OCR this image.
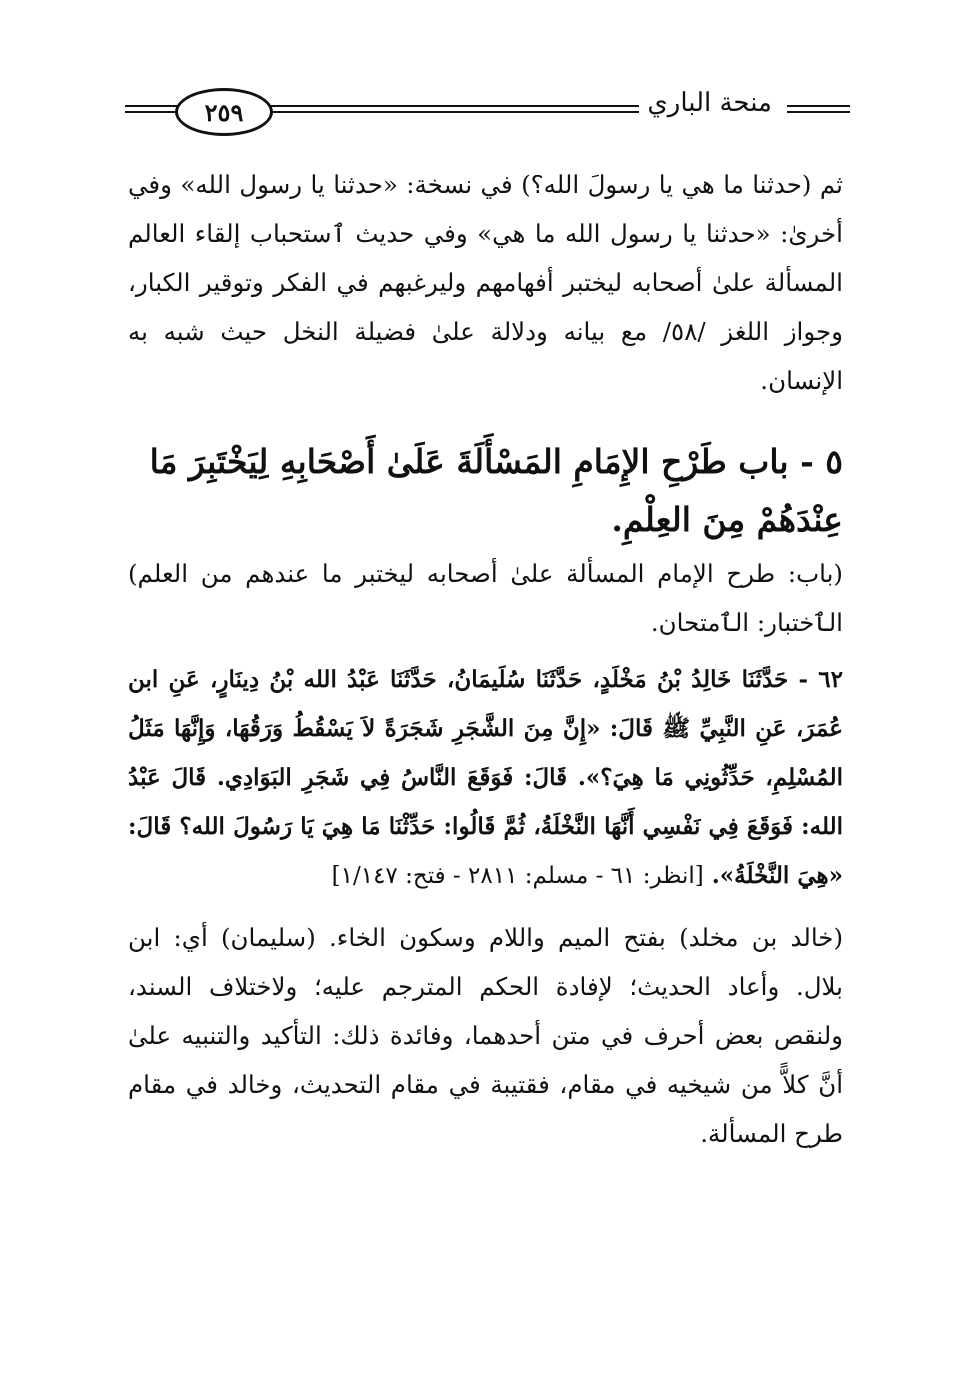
٢٥٩	منحة الباري

ثم (حدثنا ما هي يا رسولَ الله؟) في نسخة: «حدثنا يا رسول الله» وفي أخرىٰ: «حدثنا يا رسول الله ما هي» وفي حديث ٱستحباب إلقاء العالم المسألة علىٰ أصحابه ليختبر أفهامهم وليرغبهم في الفكر وتوقير الكبار، وجواز اللغز /٥٨/ مع بيانه ودلالة علىٰ فضيلة النخل حيث شبه به الإنسان.

٥ - باب طَرْحِ الإِمَامِ المَسْأَلَةَ عَلَىٰ أَصْحَابِهِ لِيَخْتَبِرَ مَا عِنْدَهُمْ مِنَ العِلْمِ.

(باب: طرح الإمام المسألة علىٰ أصحابه ليختبر ما عندهم من العلم) الٱختبار: الٱمتحان.

٦٢ - حَدَّثَنَا خَالِدُ بْنُ مَخْلَدٍ، حَدَّثَنَا سُلَيمَانُ، حَدَّثَنَا عَبْدُ الله بْنُ دِينَارٍ، عَنِ ابن عُمَرَ، عَنِ النَّبِيِّ ﷺ قَالَ: «إِنَّ مِنَ الشَّجَرِ شَجَرَةً لاَ يَسْقُطُ وَرَقُهَا، وَإِنَّهَا مَثَلُ المُسْلِمِ، حَدِّثُونِي مَا هِيَ؟». قَالَ: فَوَقَعَ النَّاسُ فِي شَجَرِ البَوَادِي. قَالَ عَبْدُ الله: فَوَقَعَ فِي نَفْسِي أَنَّهَا النَّخْلَةُ، ثُمَّ قَالُوا: حَدِّثْنَا مَا هِيَ يَا رَسُولَ الله؟ قَالَ: «هِيَ النَّخْلَةُ». [انظر: ٦١ - مسلم: ٢٨١١ - فتح: ١/١٤٧]

(خالد بن مخلد) بفتح الميم واللام وسكون الخاء. (سليمان) أي: ابن بلال. وأعاد الحديث؛ لإفادة الحكم المترجم عليه؛ ولاختلاف السند، ولنقص بعض أحرف في متن أحدهما، وفائدة ذلك: التأكيد والتنبيه علىٰ أنَّ كلاًّ من شيخيه في مقام، فقتيبة في مقام التحديث، وخالد في مقام طرح المسألة.
